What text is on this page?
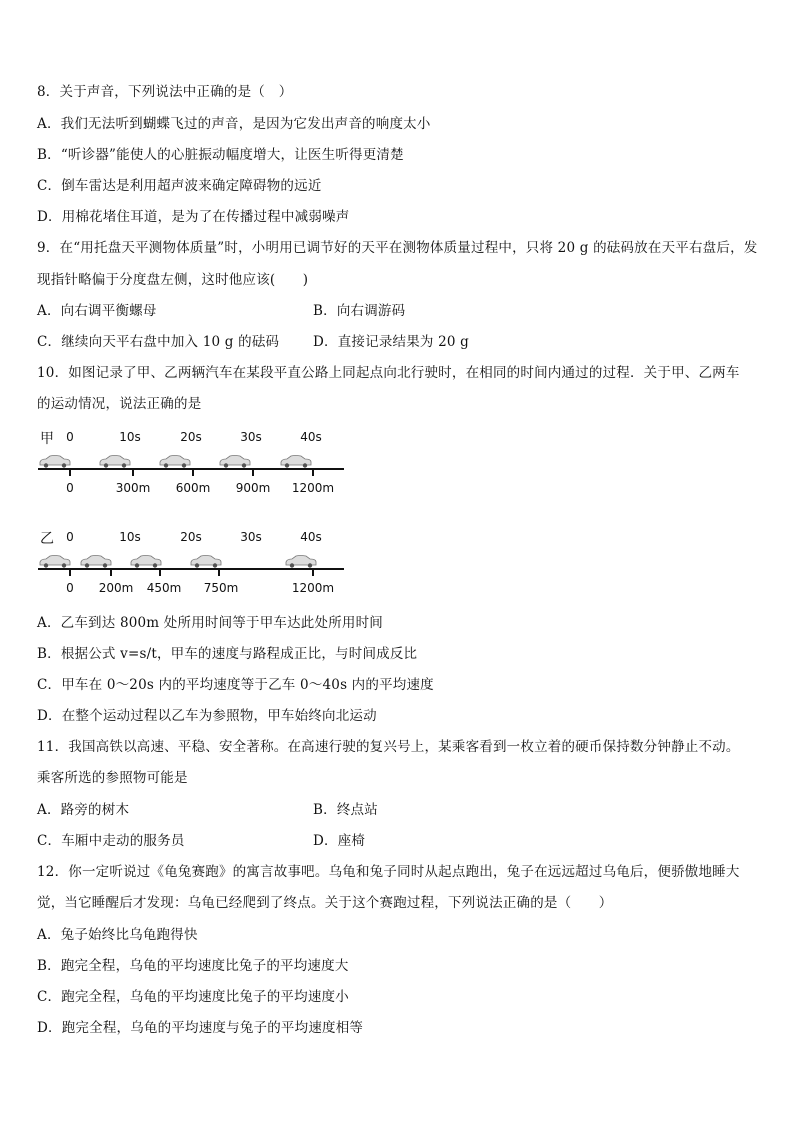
8．关于声音，下列说法中正确的是（　）
A．我们无法听到蝴蝶飞过的声音，是因为它发出声音的响度太小
B．“听诊器”能使人的心脏振动幅度增大，让医生听得更清楚
C．倒车雷达是利用超声波来确定障碍物的远近
D．用棉花堵住耳道，是为了在传播过程中减弱噪声
9．在“用托盘天平测物体质量”时，小明用已调节好的天平在测物体质量过程中，只将 20 g 的砝码放在天平右盘后，发
现指针略偏于分度盘左侧，这时他应该(　　)
A．向右调平衡螺母	B．向右调游码
C．继续向天平右盘中加入 10 g 的砝码	D．直接记录结果为 20 g
10．如图记录了甲、乙两辆汽车在某段平直公路上同起点向北行驶时，在相同的时间内通过的过程．关于甲、乙两车
的运动情况，说法正确的是
甲 0	10s	20s	30s	40s
0	300m 600m 900m 1200m
乙 0	10s	20s	30s	40s
0 200m 450m 750m	1200m
A．乙车到达 800m 处所用时间等于甲车达此处所用时间
B．根据公式 v=s/t，甲车的速度与路程成正比，与时间成反比
C．甲车在 0～20s 内的平均速度等于乙车 0～40s 内的平均速度
D．在整个运动过程以乙车为参照物，甲车始终向北运动
11．我国高铁以高速、平稳、安全著称。在高速行驶的复兴号上，某乘客看到一枚立着的硬币保持数分钟静止不动。
乘客所选的参照物可能是
A．路旁的树木	B．终点站
C．车厢中走动的服务员	D．座椅
12．你一定听说过《龟兔赛跑》的寓言故事吧。乌龟和兔子同时从起点跑出，兔子在远远超过乌龟后，便骄傲地睡大
觉，当它睡醒后才发现：乌龟已经爬到了终点。关于这个赛跑过程，下列说法正确的是（　　）
A．兔子始终比乌龟跑得快
B．跑完全程，乌龟的平均速度比兔子的平均速度大
C．跑完全程，乌龟的平均速度比兔子的平均速度小
D．跑完全程，乌龟的平均速度与兔子的平均速度相等
